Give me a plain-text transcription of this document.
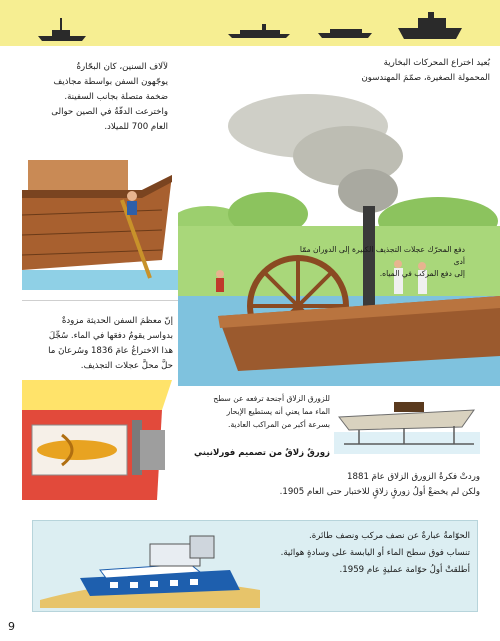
بُعيد اختراع المحركات البخارية
المحمولة الصغيرة، صمّمَ المهندسون

لآلاف السنين، كان البحّارةُ
يوجّهون السفن بواسطة مجاذيف
ضخمة متصلة بجانب السفينة.
واخترعت الدفّةُ في الصين حوالى
العام 700 للميلاد.
إنّ معظمَ السفن الحديثة مزودةٌ
بدواسر يقومُ دفعَها في الماء. سُجِّلَ
هذا الاختراعُ عامَ 1836 وسُرعانَ ما
حلَّ محلَّ عجلات التجذيف.
دفع المحرّك عجلات التجذيف الكبيرة إلى الدوران ممّا أدى
إلى دفع المركب في المياه.
للزورق الزلاق أجنحة ترفعه عن سطح
الماء مما يعني أنه يستطيع الإبحار
بسرعة أكبر من المراكب العادية.
زورقٌ زلاقٌ من تصميم فورلانيني
وردتْ فكرةُ الزورق الزلاق عامَ 1881
ولكن لم يخضعْ أولُ زورقٍ زلاقٍ للاختبار حتى العام 1905.
الحوّامةُ عبارةٌ عن نصف مركب ونصف طائرة.
تنساب فوق سطح الماء أو اليابسة على وسادةٍ هوائية.
أطلقتْ أولُ حوّامة عمليةٍ عام 1959.
9
